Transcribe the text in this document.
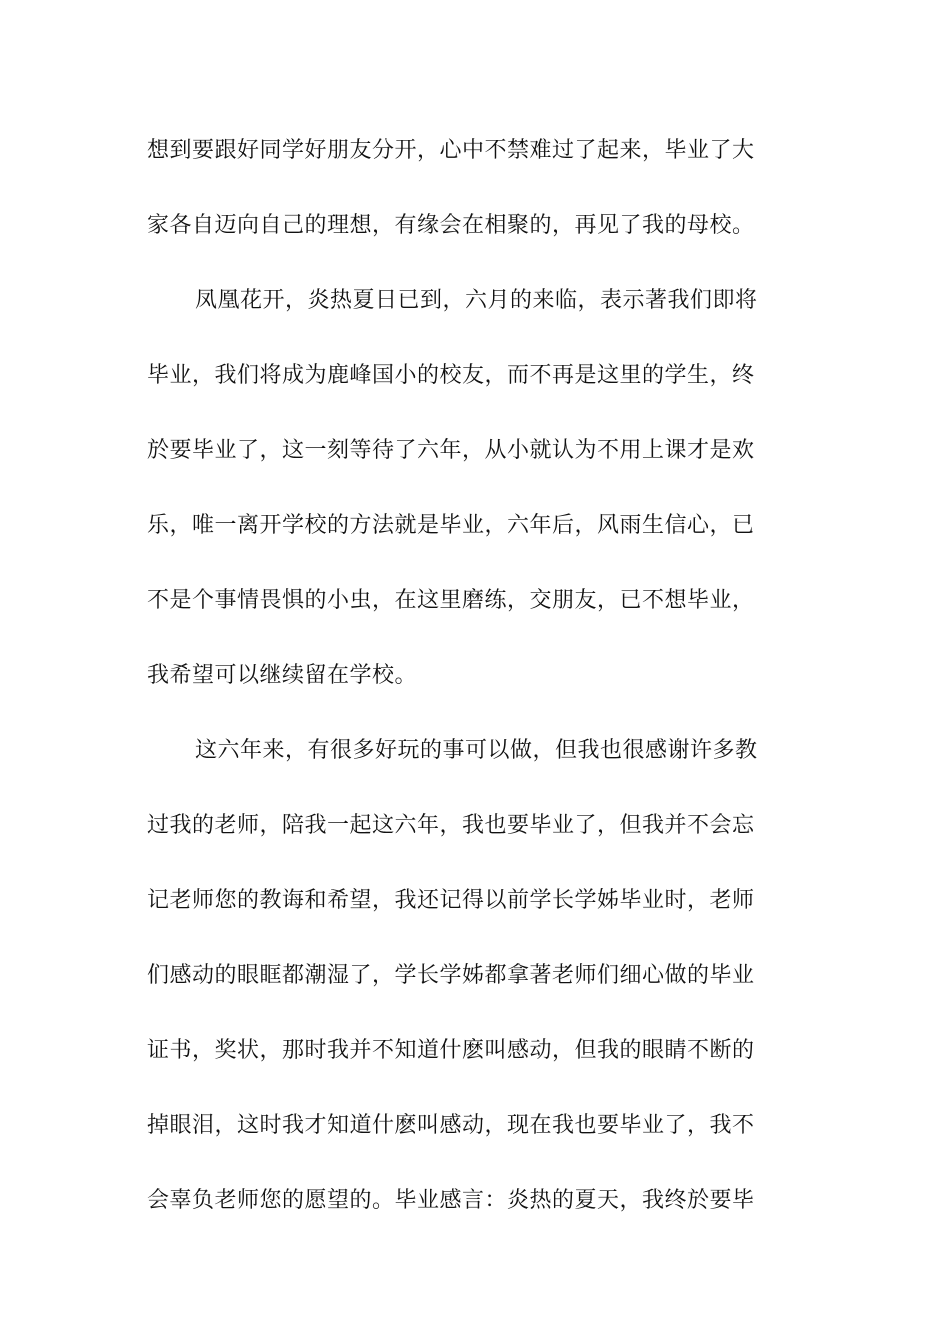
想到要跟好同学好朋友分开，心中不禁难过了起来，毕业了大

家各自迈向自己的理想，有缘会在相聚的，再见了我的母校。

凤凰花开，炎热夏日已到，六月的来临，表示著我们即将

毕业，我们将成为鹿峰国小的校友，而不再是这里的学生，终

於要毕业了，这一刻等待了六年，从小就认为不用上课才是欢

乐，唯一离开学校的方法就是毕业，六年后，风雨生信心，已

不是个事情畏惧的小虫，在这里磨练，交朋友，已不想毕业，

我希望可以继续留在学校。

这六年来，有很多好玩的事可以做，但我也很感谢许多教

过我的老师，陪我一起这六年，我也要毕业了，但我并不会忘

记老师您的教诲和希望，我还记得以前学长学姊毕业时，老师

们感动的眼眶都潮湿了，学长学姊都拿著老师们细心做的毕业

证书，奖状，那时我并不知道什麽叫感动，但我的眼睛不断的

掉眼泪，这时我才知道什麽叫感动，现在我也要毕业了，我不

会辜负老师您的愿望的。毕业感言：炎热的夏天，我终於要毕
